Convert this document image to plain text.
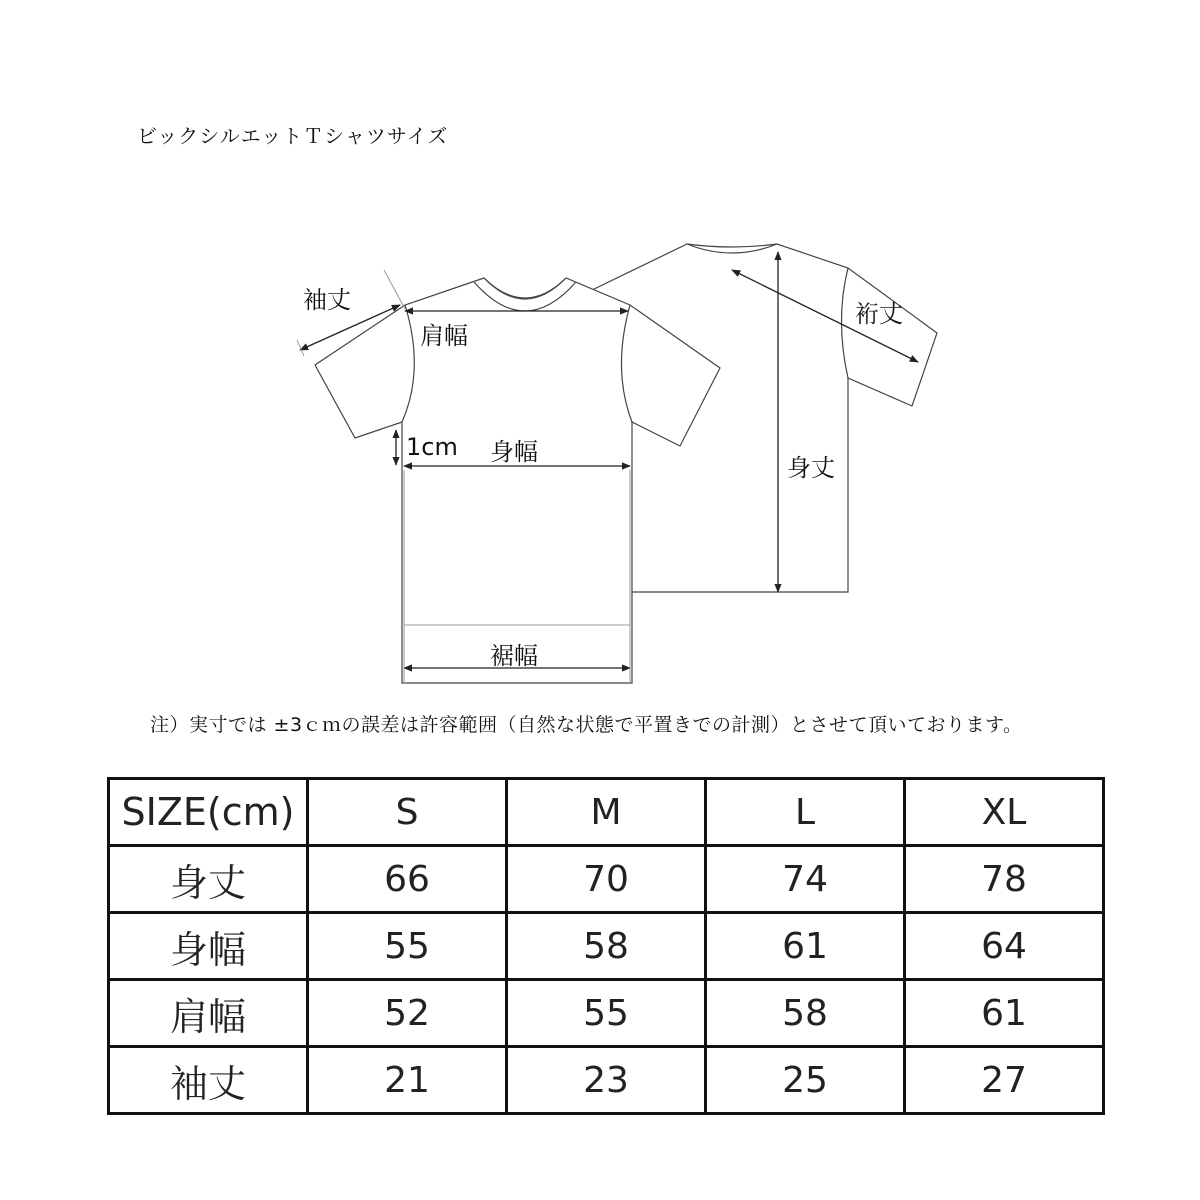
ビックシルエットＴシャツサイズ
袖丈
肩幅
1cm 身幅
裾幅
裄丈
身丈
注）実寸では ±3ｃｍの誤差は許容範囲（自然な状態で平置きでの計測）とさせて頂いております。
SIZE(cm)	S	M	L	XL
身丈	66	70	74	78
身幅	55	58	61	64
肩幅	52	55	58	61
袖丈	21	23	25	27
